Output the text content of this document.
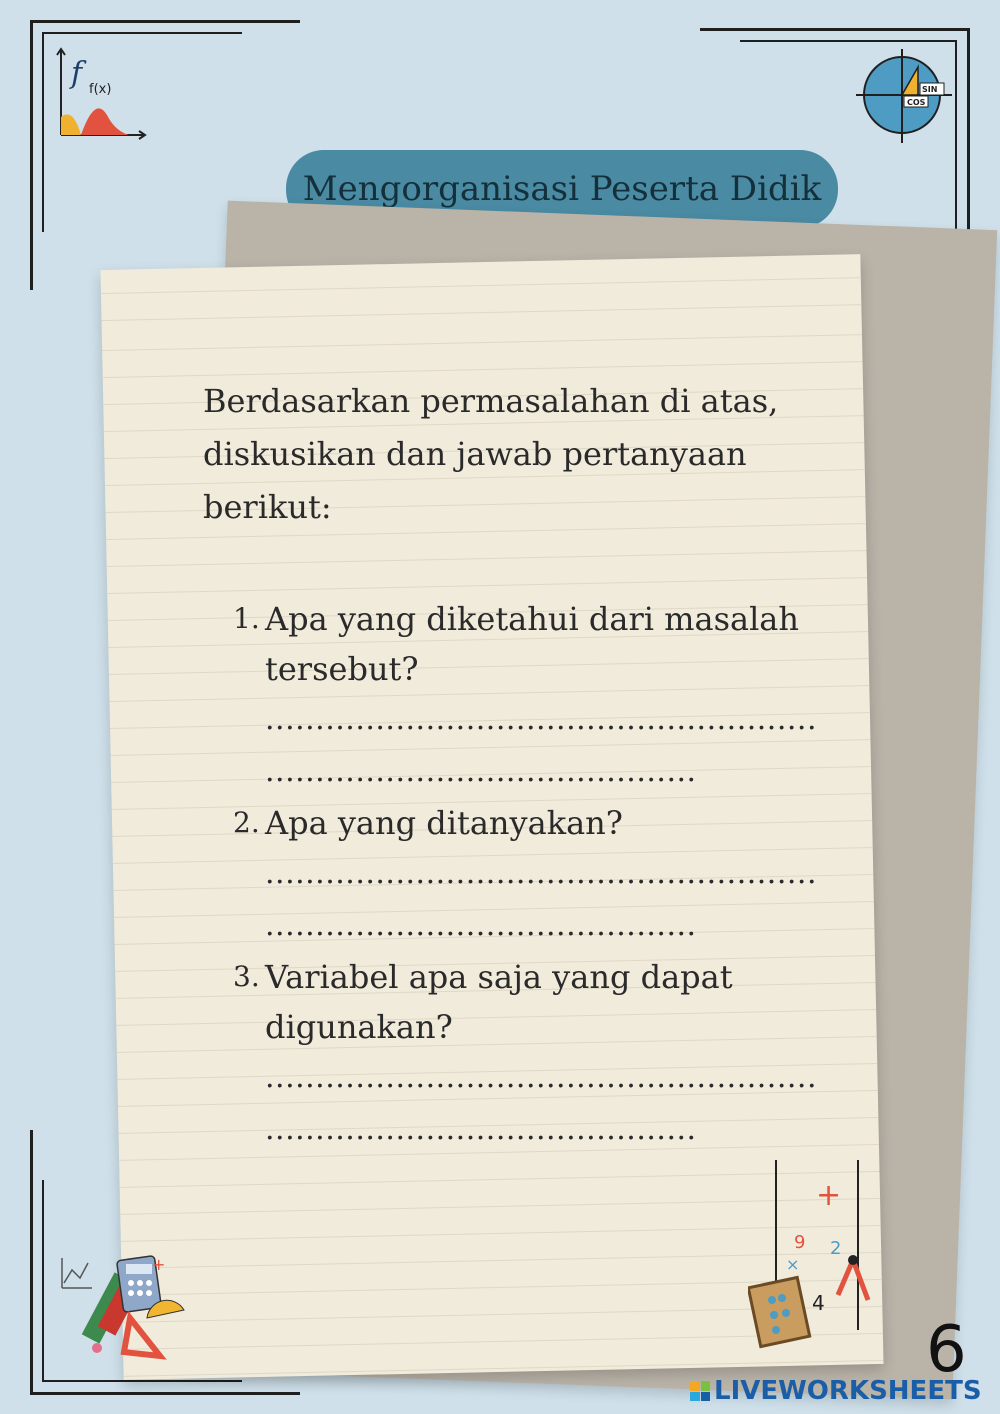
f f(x)	SIN
COS
Mengorganisasi Peserta Didik

Berdasarkan permasalahan di atas, diskusikan dan jawab pertanyaan berikut:

1. Apa yang diketahui dari masalah
tersebut?
.......................................................
...........................................
2. Apa yang ditanyakan?
.......................................................
...........................................
3. Variabel apa saja yang dapat
digunakan?
.......................................................
...........................................
+
+
9 2
×
4
6
LIVEWORKSHEETS
